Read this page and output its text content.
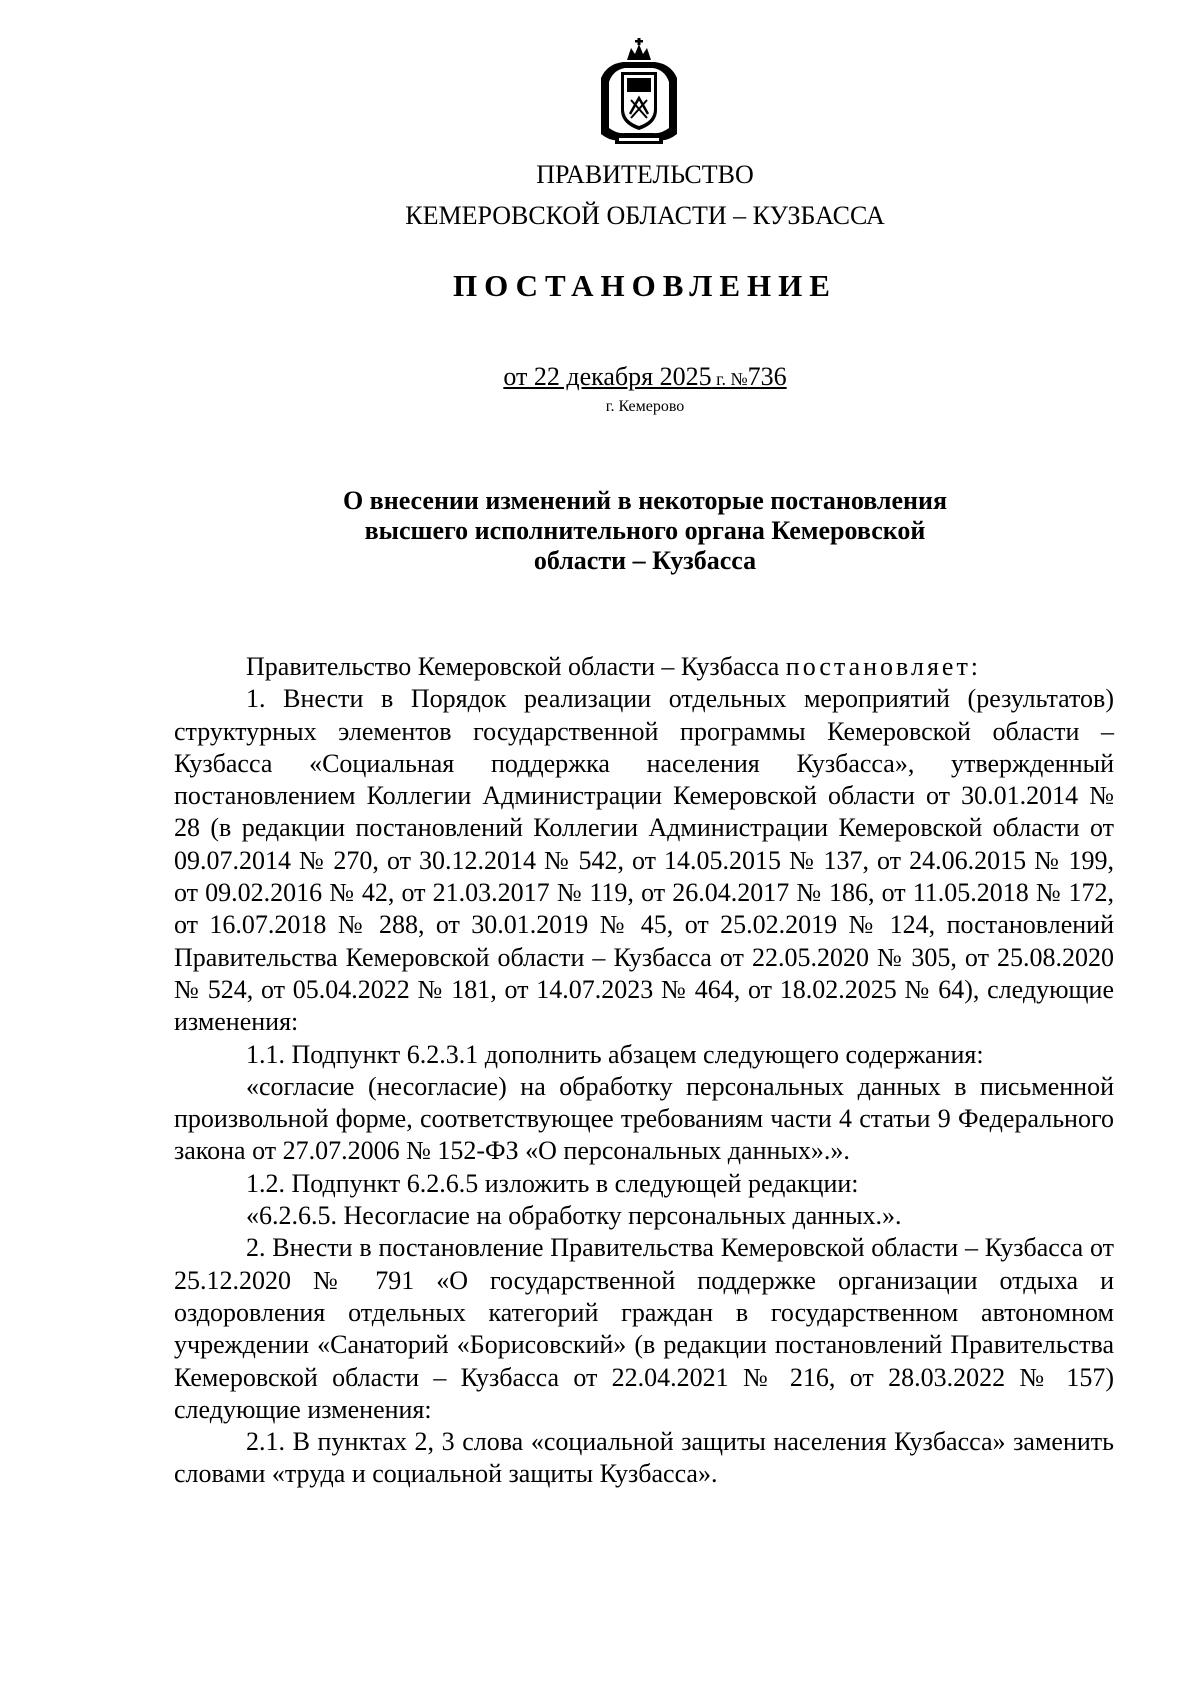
ПРАВИТЕЛЬСТВО
КЕМЕРОВСКОЙ ОБЛАСТИ – КУЗБАССА
ПОСТАНОВЛЕНИЕ
от 22 декабря 2025 г. №736
г. Кемерово
О внесении изменений в некоторые постановления
высшего исполнительного органа Кемеровской
области – Кузбасса

Правительство Кемеровской области – Кузбасса постановляет:

1. Внести в Порядок реализации отдельных мероприятий (результатов) структурных элементов государственной программы Кемеровской области – Кузбасса «Социальная поддержка населения Кузбасса», утвержденный постановлением Коллегии Администрации Кемеровской области от 30.01.2014 № 28 (в редакции постановлений Коллегии Администрации Кемеровской области от 09.07.2014 № 270, от 30.12.2014 № 542, от 14.05.2015 № 137, от 24.06.2015 № 199, от 09.02.2016 № 42, от 21.03.2017 № 119, от 26.04.2017 № 186, от 11.05.2018 № 172, от 16.07.2018 № 288, от 30.01.2019 № 45, от 25.02.2019 № 124, постановлений Правительства Кемеровской области – Кузбасса от 22.05.2020 № 305, от 25.08.2020 № 524, от 05.04.2022 № 181, от 14.07.2023 № 464, от 18.02.2025 № 64), следующие изменения:

1.1. Подпункт 6.2.3.1 дополнить абзацем следующего содержания:

«согласие (несогласие) на обработку персональных данных в письменной произвольной форме, соответствующее требованиям части 4 статьи 9 Федерального закона от 27.07.2006 № 152-ФЗ «О персональных данных».».

1.2. Подпункт 6.2.6.5 изложить в следующей редакции:

«6.2.6.5. Несогласие на обработку персональных данных.».

2. Внести в постановление Правительства Кемеровской области – Кузбасса от 25.12.2020 № 791 «О государственной поддержке организации отдыха и оздоровления отдельных категорий граждан в государственном автономном учреждении «Санаторий «Борисовский» (в редакции постановлений Правительства Кемеровской области – Кузбасса от 22.04.2021 № 216, от 28.03.2022 № 157) следующие изменения:

2.1. В пунктах 2, 3 слова «социальной защиты населения Кузбасса» заменить словами «труда и социальной защиты Кузбасса».
